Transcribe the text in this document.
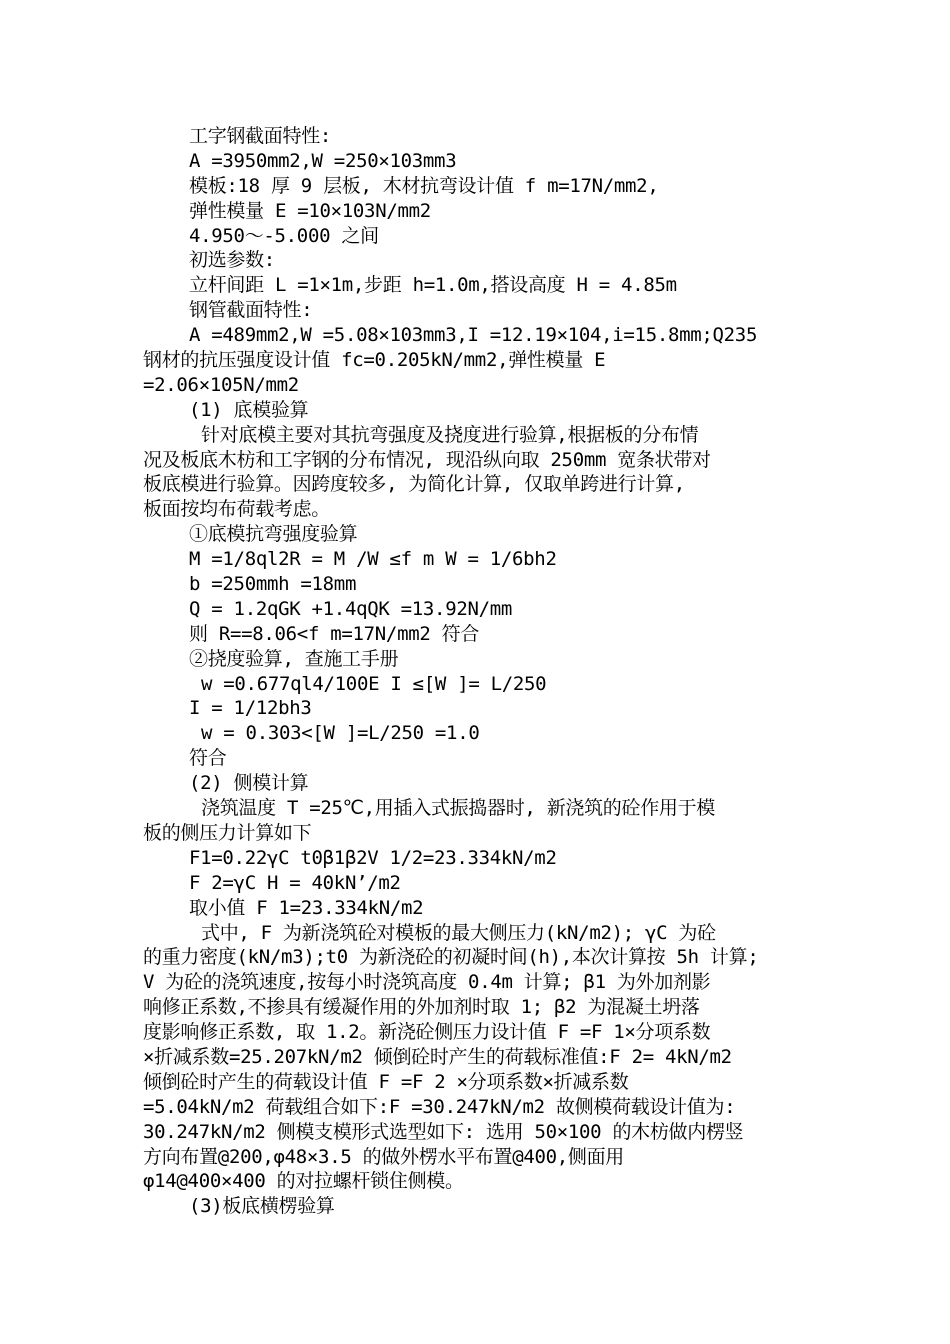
工字钢截面特性:
A =3950mm2,W =250×103mm3
模板:18 厚 9 层板, 木材抗弯设计值 f m=17N/mm2,
弹性模量 E =10×103N/mm2
4.950～-5.000 之间
初选参数:
立杆间距 L =1×1m,步距 h=1.0m,搭设高度 H = 4.85m
钢管截面特性:
A =489mm2,W =5.08×103mm3,I =12.19×104,i=15.8mm;Q235
钢材的抗压强度设计值 fc=0.205kN/mm2,弹性模量 E
=2.06×105N/mm2
(1) 底模验算
针对底模主要对其抗弯强度及挠度进行验算,根据板的分布情
况及板底木枋和工字钢的分布情况, 现沿纵向取 250mm 宽条状带对
板底模进行验算。因跨度较多, 为简化计算, 仅取单跨进行计算,
板面按均布荷载考虑。
①底模抗弯强度验算
M =1/8ql2R = M /W ≤f m W = 1/6bh2
b =250mmh =18mm
Q = 1.2qGK +1.4qQK =13.92N/mm
则 R==8.06<f m=17N/mm2 符合
②挠度验算, 查施工手册
w =0.677ql4/100E I ≤[W ]= L/250
I = 1/12bh3
w = 0.303<[W ]=L/250 =1.0
符合
(2) 侧模计算
浇筑温度 T =25℃,用插入式振捣器时, 新浇筑的砼作用于模
板的侧压力计算如下
F1=0.22γC t0β1β2V 1/2=23.334kN/m2
F 2=γC H = 40kN’/m2
取小值 F 1=23.334kN/m2
式中, F 为新浇筑砼对模板的最大侧压力(kN/m2); γC 为砼
的重力密度(kN/m3);t0 为新浇砼的初凝时间(h),本次计算按 5h 计算;
V 为砼的浇筑速度,按每小时浇筑高度 0.4m 计算; β1 为外加剂影
响修正系数,不掺具有缓凝作用的外加剂时取 1; β2 为混凝土坍落
度影响修正系数, 取 1.2。新浇砼侧压力设计值 F =F 1×分项系数
×折减系数=25.207kN/m2 倾倒砼时产生的荷载标准值:F 2= 4kN/m2
倾倒砼时产生的荷载设计值 F =F 2 ×分项系数×折减系数
=5.04kN/m2 荷载组合如下:F =30.247kN/m2 故侧模荷载设计值为:
30.247kN/m2 侧模支模形式选型如下: 选用 50×100 的木枋做内楞竖
方向布置@200,φ48×3.5 的做外楞水平布置@400,侧面用
φ14@400×400 的对拉螺杆锁住侧模。
(3)板底横楞验算
